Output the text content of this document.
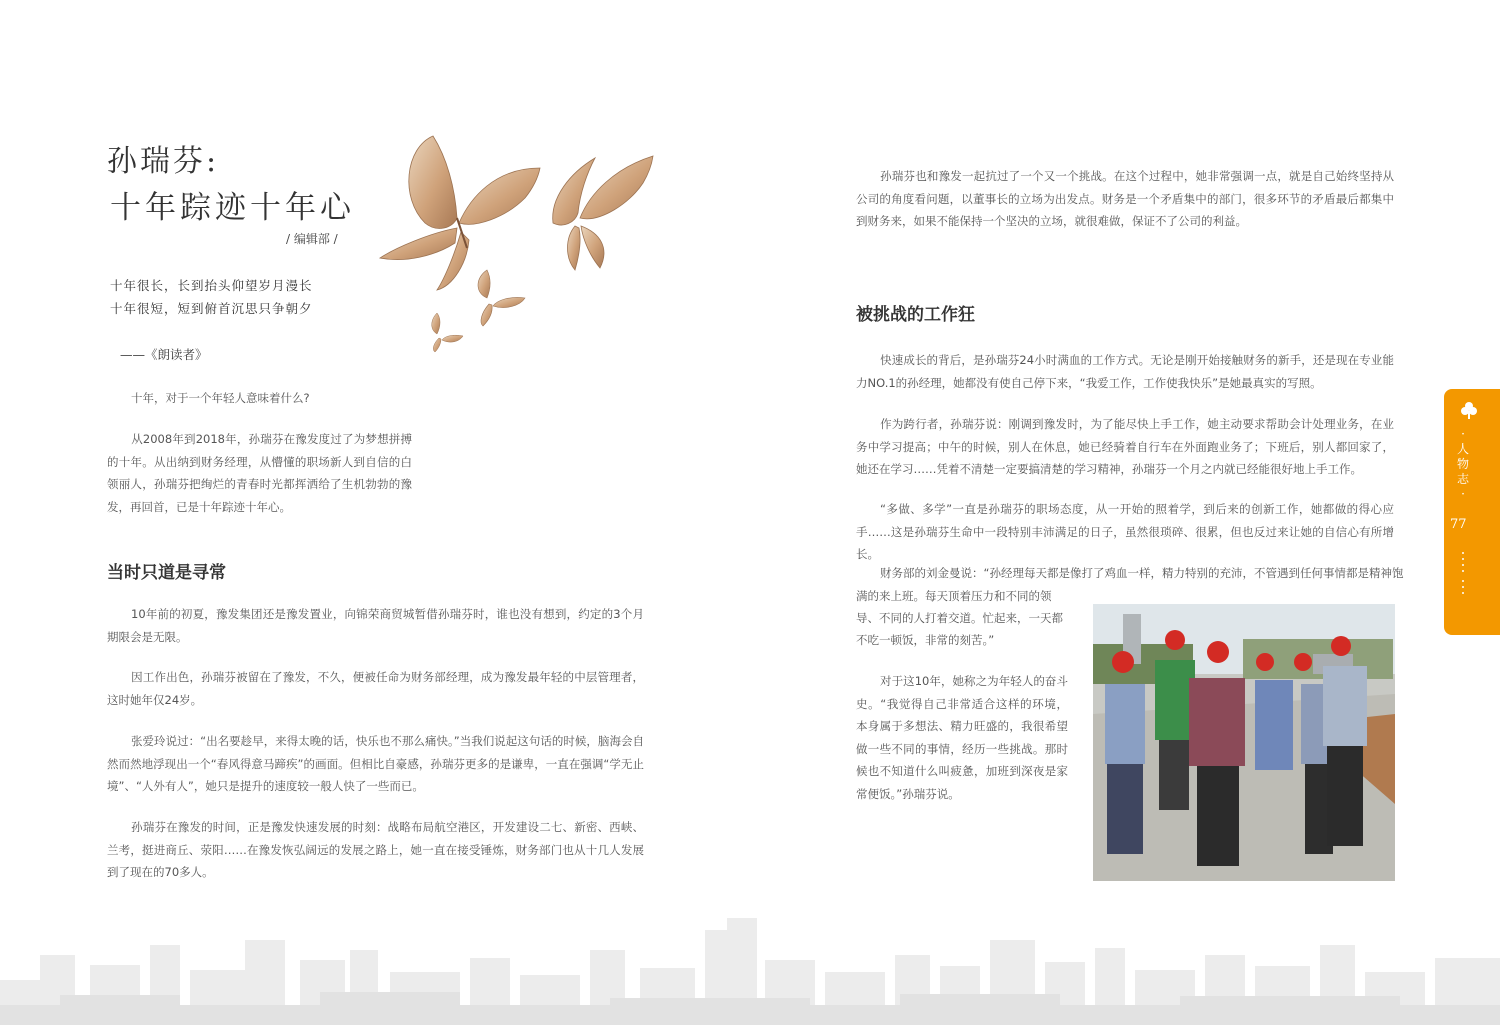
孙瑞芬:
十年踪迹十年心
/ 编辑部 /
十年很长，长到抬头仰望岁月漫长
十年很短，短到俯首沉思只争朝夕
——《朗读者》
十年，对于一个年轻人意味着什么?
从2008年到2018年，孙瑞芬在豫发度过了为梦想拼搏的十年。从出纳到财务经理，从懵懂的职场新人到自信的白领丽人，孙瑞芬把绚烂的青春时光都挥洒给了生机勃勃的豫发，再回首，已是十年踪迹十年心。
当时只道是寻常
10年前的初夏，豫发集团还是豫发置业，向锦荣商贸城暂借孙瑞芬时，谁也没有想到，约定的3个月期限会是无限。
因工作出色，孙瑞芬被留在了豫发，不久，便被任命为财务部经理，成为豫发最年轻的中层管理者，这时她年仅24岁。
张爱玲说过：“出名要趁早，来得太晚的话，快乐也不那么痛快。”当我们说起这句话的时候，脑海会自然而然地浮现出一个“春风得意马蹄疾”的画面。但相比自豪感，孙瑞芬更多的是谦卑，一直在强调“学无止境”、“人外有人”，她只是提升的速度较一般人快了一些而已。
孙瑞芬在豫发的时间，正是豫发快速发展的时刻：战略布局航空港区，开发建设二七、新密、西峡、兰考，挺进商丘、荥阳……在豫发恢弘阔远的发展之路上，她一直在接受锤炼，财务部门也从十几人发展到了现在的70多人。
孙瑞芬也和豫发一起抗过了一个又一个挑战。在这个过程中，她非常强调一点，就是自己始终坚持从公司的角度看问题，以董事长的立场为出发点。财务是一个矛盾集中的部门，很多环节的矛盾最后都集中到财务来，如果不能保持一个坚决的立场，就很难做，保证不了公司的利益。
被挑战的工作狂
快速成长的背后，是孙瑞芬24小时满血的工作方式。无论是刚开始接触财务的新手，还是现在专业能力NO.1的孙经理，她都没有使自己停下来，“我爱工作，工作使我快乐”是她最真实的写照。
作为跨行者，孙瑞芬说：刚调到豫发时，为了能尽快上手工作，她主动要求帮助会计处理业务，在业务中学习提高；中午的时候，别人在休息，她已经骑着自行车在外面跑业务了；下班后，别人都回家了，她还在学习……凭着不清楚一定要搞清楚的学习精神，孙瑞芬一个月之内就已经能很好地上手工作。
“多做、多学”一直是孙瑞芬的职场态度，从一开始的照着学，到后来的创新工作，她都做的得心应手……这是孙瑞芬生命中一段特别丰沛满足的日子，虽然很琐碎、很累，但也反过来让她的自信心有所增长。
财务部的刘金曼说：“孙经理每天都是像打了鸡血一样，精力特别的充沛，不管遇到任何事情都是精神饱
满的来上班。每天顶着压力和不同的领
导、不同的人打着交道。忙起来，一天都
不吃一顿饭，非常的刻苦。”
对于这10年，她称之为年轻人的奋斗史。“我觉得自己非常适合这样的环境，本身属于多想法、精力旺盛的，我很希望做一些不同的事情，经历一些挑战。那时候也不知道什么叫疲惫，加班到深夜是家常便饭。”孙瑞芬说。
·
人
物
志
·
77
